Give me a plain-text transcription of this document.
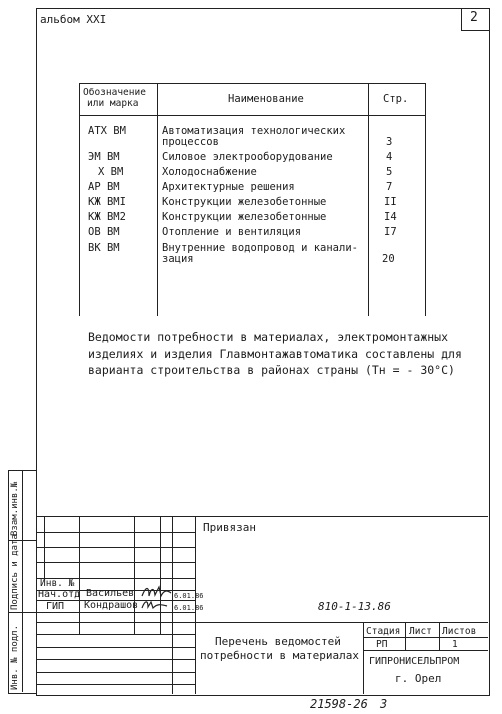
2
альбом XXI
Взам.инв.№
Подпись и дата
Инв. № подл.
Обозначение
или марка	Наименование	Стр.
АТХ ВМ	Автоматизация технологических
процессов	3
ЭМ ВМ	Силовое электрооборудование	4
Х ВМ	Холодоснабжение	5
АР ВМ	Архитектурные решения	7
КЖ ВМI	Конструкции железобетонные	II
КЖ ВМ2	Конструкции железобетонные	I4
ОВ ВМ	Отопление и вентиляция	I7
ВК ВМ	Внутренние водопровод и канали-
зация	20
Ведомости потребности в материалах, электромонтажных
изделиях и изделия Главмонтажавтоматика составлены для
варианта строительства в районах страны (Тн = - 30°С)
Привязан
Инв. №
Нач.отд Васильев	6.01.86
ГИП Кондрашов	6.01.86	810-1-13.86
Перечень ведомостей
потребности в материалах
Стадия Лист Листов
РП	1
ГИПРОНИСЕЛЬПРОМ
г. Орел
21598-26 3
